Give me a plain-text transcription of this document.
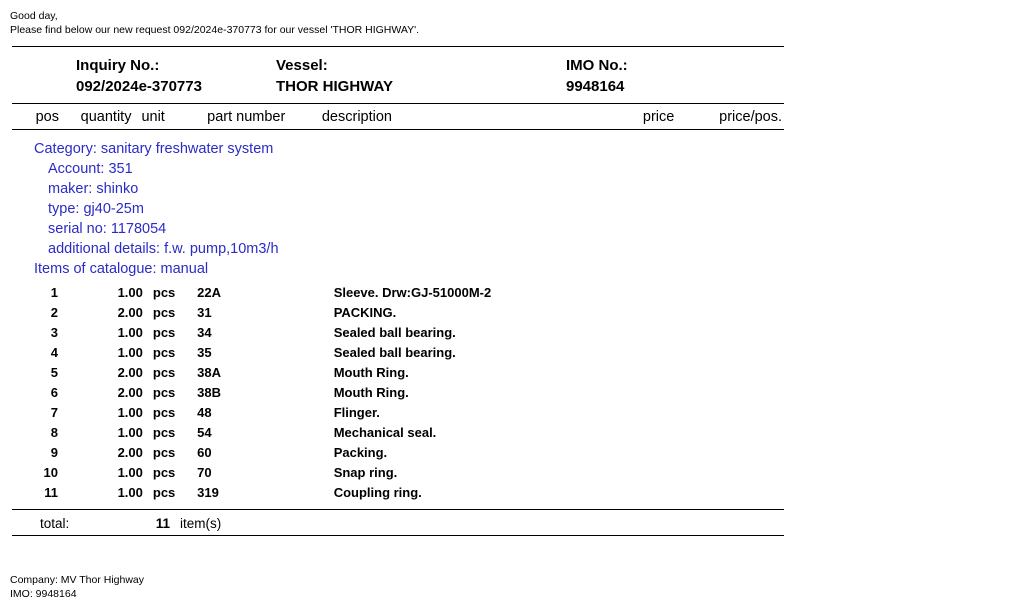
Good day,
Please find below our new request 092/2024e-370773 for our vessel 'THOR HIGHWAY'.
Inquiry No.:
092/2024e-370773
Vessel:
THOR HIGHWAY
IMO No.:
9948164
pos	quantity unit	part number	description	price	price/pos.
Category: sanitary freshwater system
Account: 351
maker: shinko
type: gj40-25m
serial no: 1178054
additional details: f.w. pump,10m3/h
Items of catalogue: manual
1	1.00 pcs	22A	Sleeve. Drw:GJ-51000M-2
2	2.00 pcs	31	PACKING.
3	1.00 pcs	34	Sealed ball bearing.
4	1.00 pcs	35	Sealed ball bearing.
5	2.00 pcs	38A	Mouth Ring.
6	2.00 pcs	38B	Mouth Ring.
7	1.00 pcs	48	Flinger.
8	1.00 pcs	54	Mechanical seal.
9	2.00 pcs	60	Packing.
10	1.00 pcs	70	Snap ring.
11	1.00 pcs	319	Coupling ring.
total:	11 item(s)
Company: MV Thor Highway
IMO: 9948164
